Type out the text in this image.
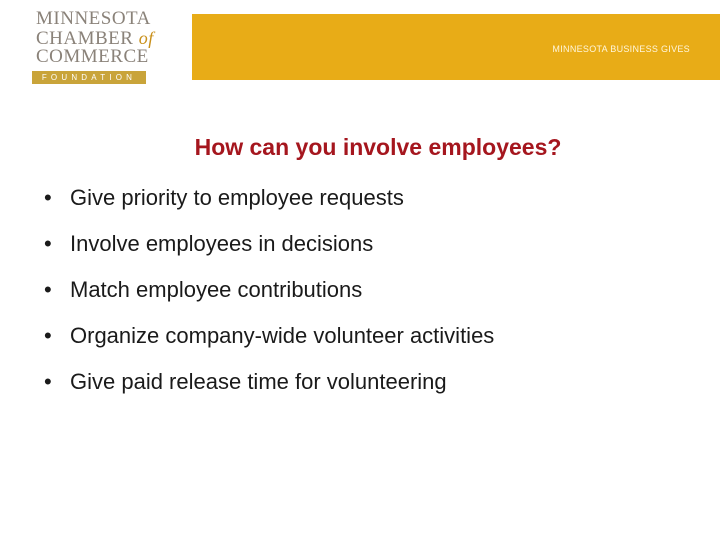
MINNESOTA
CHAMBER of
COMMERCE
FOUNDATION
MINNESOTA BUSINESS GIVES
How can you involve employees?
• Give priority to employee requests
• Involve employees in decisions
• Match employee contributions
• Organize company-wide volunteer activities
• Give paid release time for volunteering
